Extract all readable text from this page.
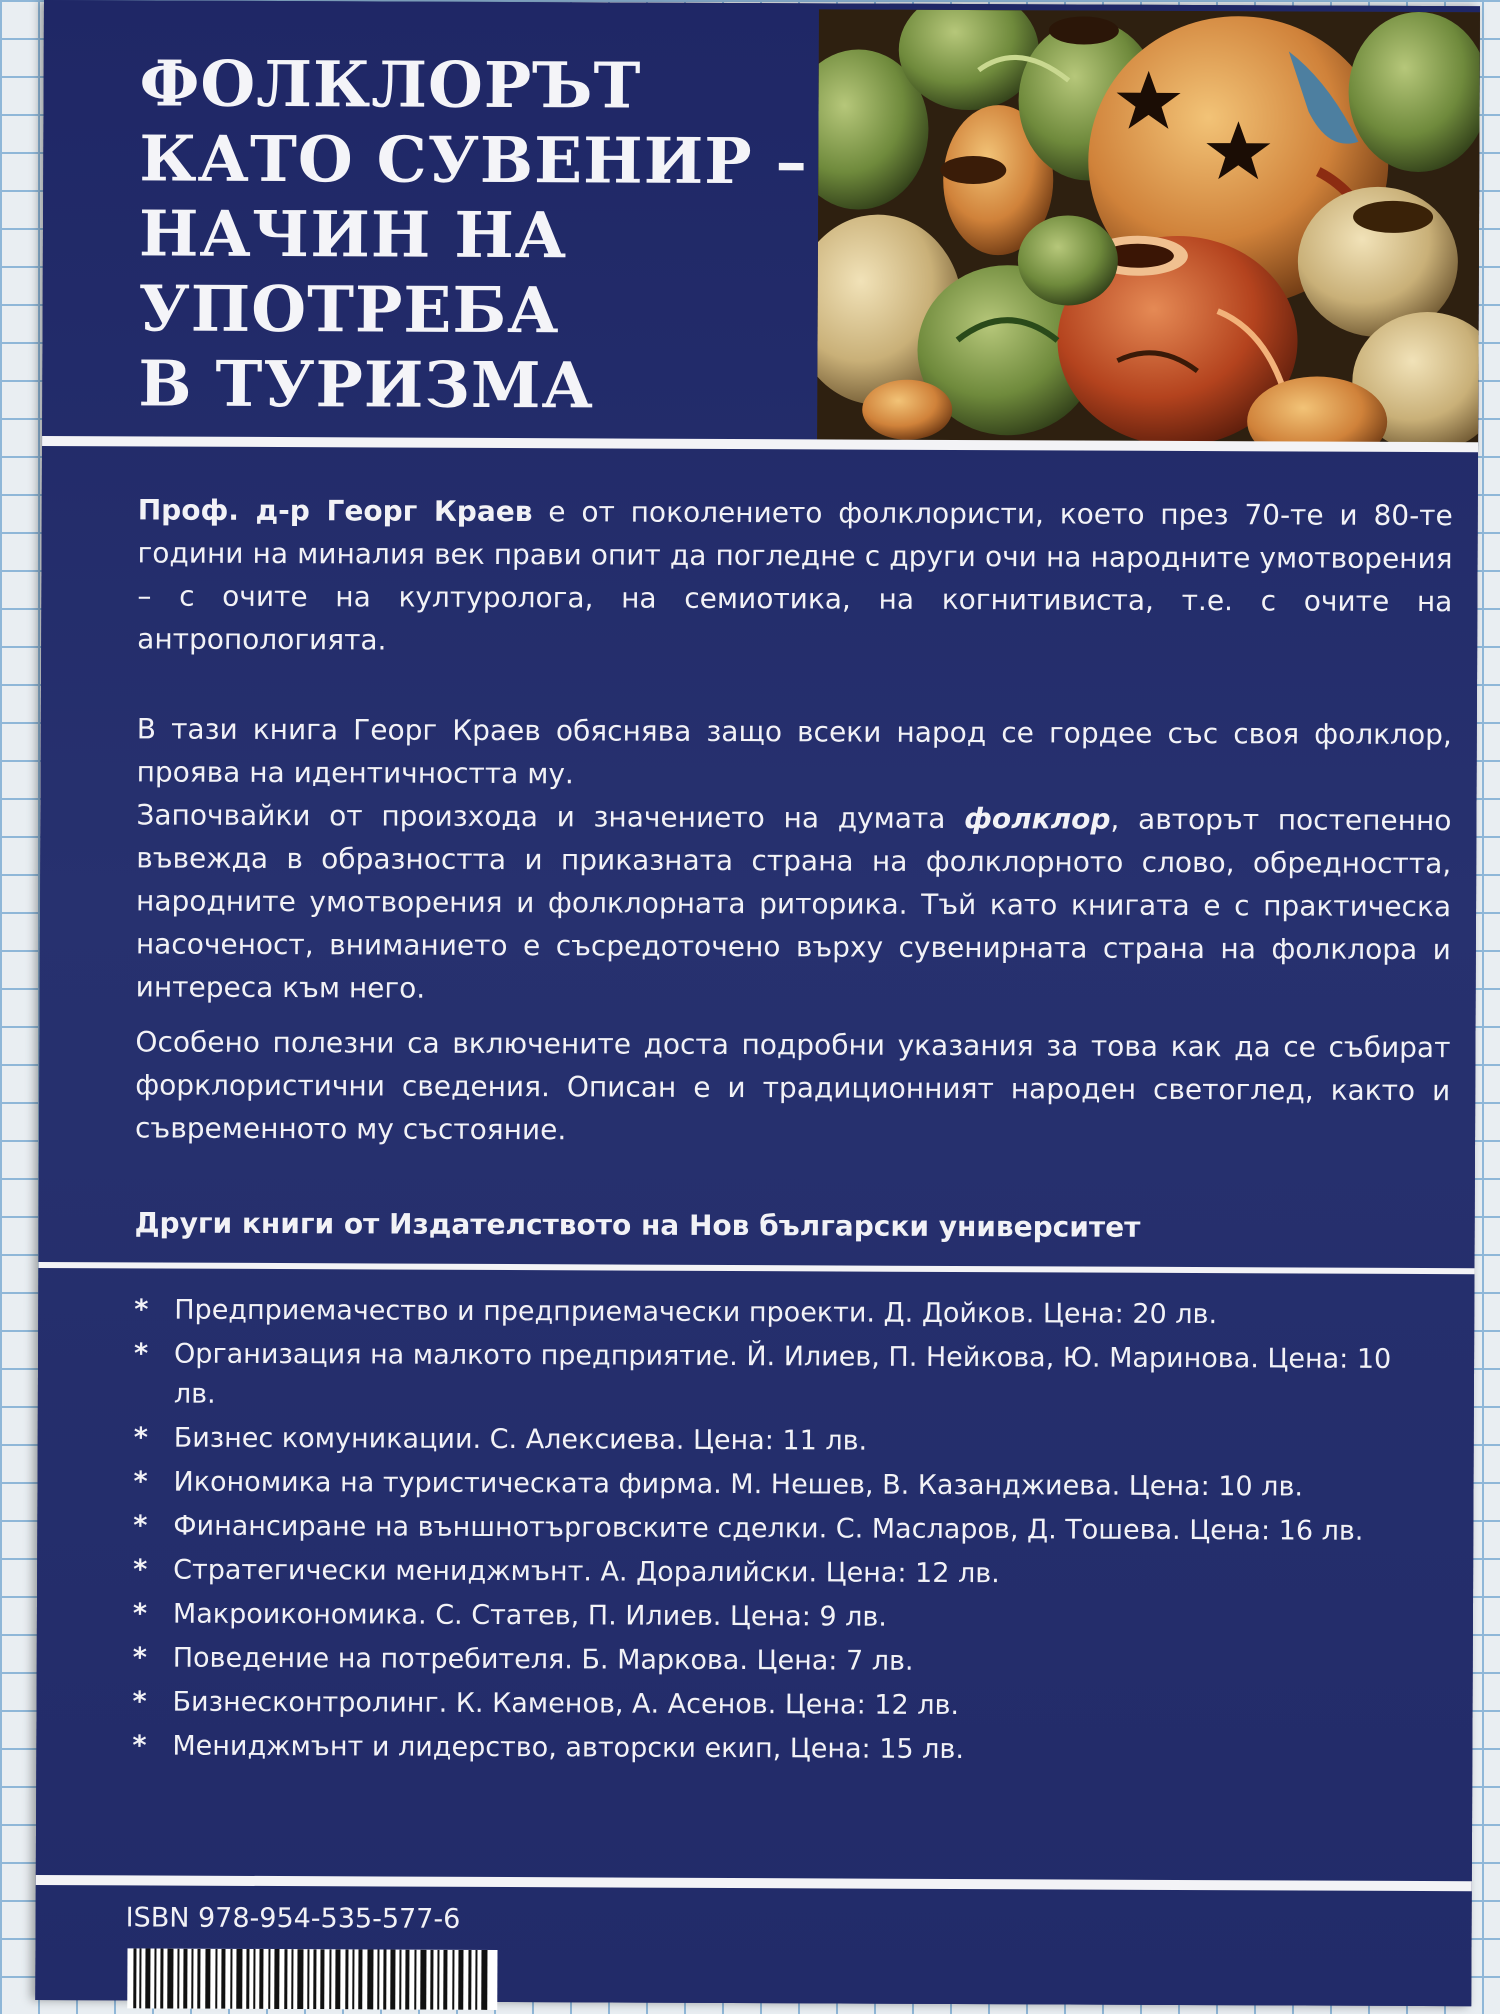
ФОЛКЛОРЪТ
КАТО СУВЕНИР –
НАЧИН НА
УПОТРЕБА
В ТУРИЗМА

Проф. д-р Георг Краев е от поколението фолклористи, което през 70-те и 80-те години на миналия век прави опит да погледне с други очи на народните умотворения – с очите на културолога, на семиотика, на когнитивиста, т.е. с очите на антропологията.

В тази книга Георг Краев обяснява защо всеки народ се гордее със своя фолклор, проява на идентичността му.

Започвайки от произхода и значението на думата фолклор, авторът постепенно въвежда в образността и приказната страна на фолклорното слово, обредността, народните умотворения и фолклорната риторика. Тъй като книгата е с практическа насоченост, вниманието е съсредоточено върху сувенирната страна на фолклора и интереса към него.

Особено полезни са включените доста подробни указания за това как да се събират форклористични сведения. Описан е и традиционният народен светоглед, както и съвременното му състояние.

Други книги от Издателството на Нов български университет
* Предприемачество и предприемачески проекти. Д. Дойков. Цена: 20 лв.
* Организация на малкото предприятие. Й. Илиев, П. Нейкова, Ю. Маринова. Цена: 10 лв.
* Бизнес комуникации. С. Алексиева. Цена: 11 лв.
* Икономика на туристическата фирма. М. Нешев, В. Казанджиева. Цена: 10 лв.
* Финансиране на външнотърговските сделки. С. Масларов, Д. Тошева. Цена: 16 лв.
* Стратегически мениджмънт. А. Доралийски. Цена: 12 лв.
* Макроикономика. С. Статев, П. Илиев. Цена: 9 лв.
* Поведение на потребителя. Б. Маркова. Цена: 7 лв.
* Бизнесконтролинг. К. Каменов, А. Асенов. Цена: 12 лв.
* Мениджмънт и лидерство, авторски екип, Цена: 15 лв.

ISBN 978-954-535-577-6
